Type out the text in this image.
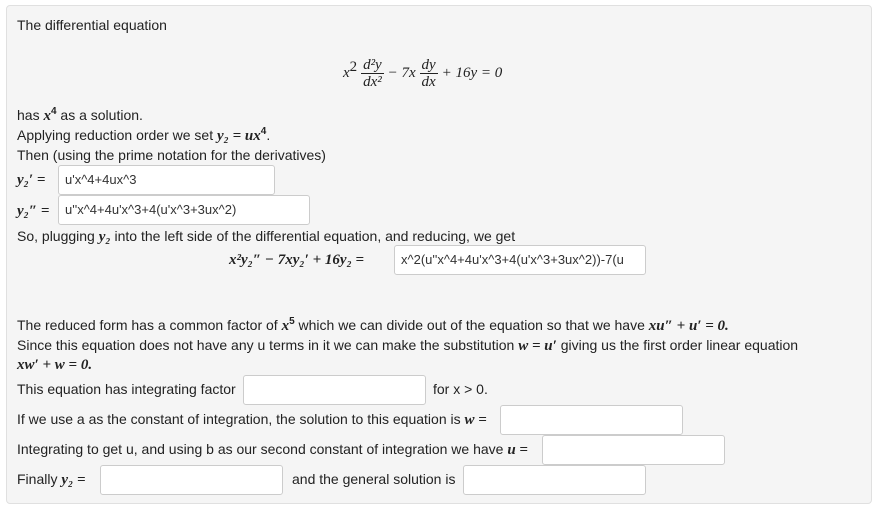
The differential equation
$x^2 \frac{\text{d²y}}{\text{dx²}} - 7x \frac{dy}{dx} + 16y = 0$
has $x^4$ as a solution.
Applying reduction order we set $y_2 = ux^4$.
Then (using the prime notation for the derivatives)
y₂′ =	u'x^4+4ux^3
y₂″ =	u''x^4+4u'x^3+4(u'x^3+3ux^2)
So, plugging y₂ into the left side of the differential equation, and reducing, we get
x²y₂″ − 7xy₂′ + 16y₂ =	x^2(u''x^4+4u'x^3+4(u'x^3+3ux^2))-7(u
The reduced form has a common factor of $x^5$ which we can divide out of the equation so that we have xu″ + u′ = 0.
Since this equation does not have any u terms in it we can make the substitution w = u′ giving us the first order linear equation
xw′ + w = 0.
This equation has integrating factor	for x > 0.
If we use a as the constant of integration, the solution to this equation is w =
Integrating to get u, and using b as our second constant of integration we have u =
Finally y₂ =	and the general solution is
